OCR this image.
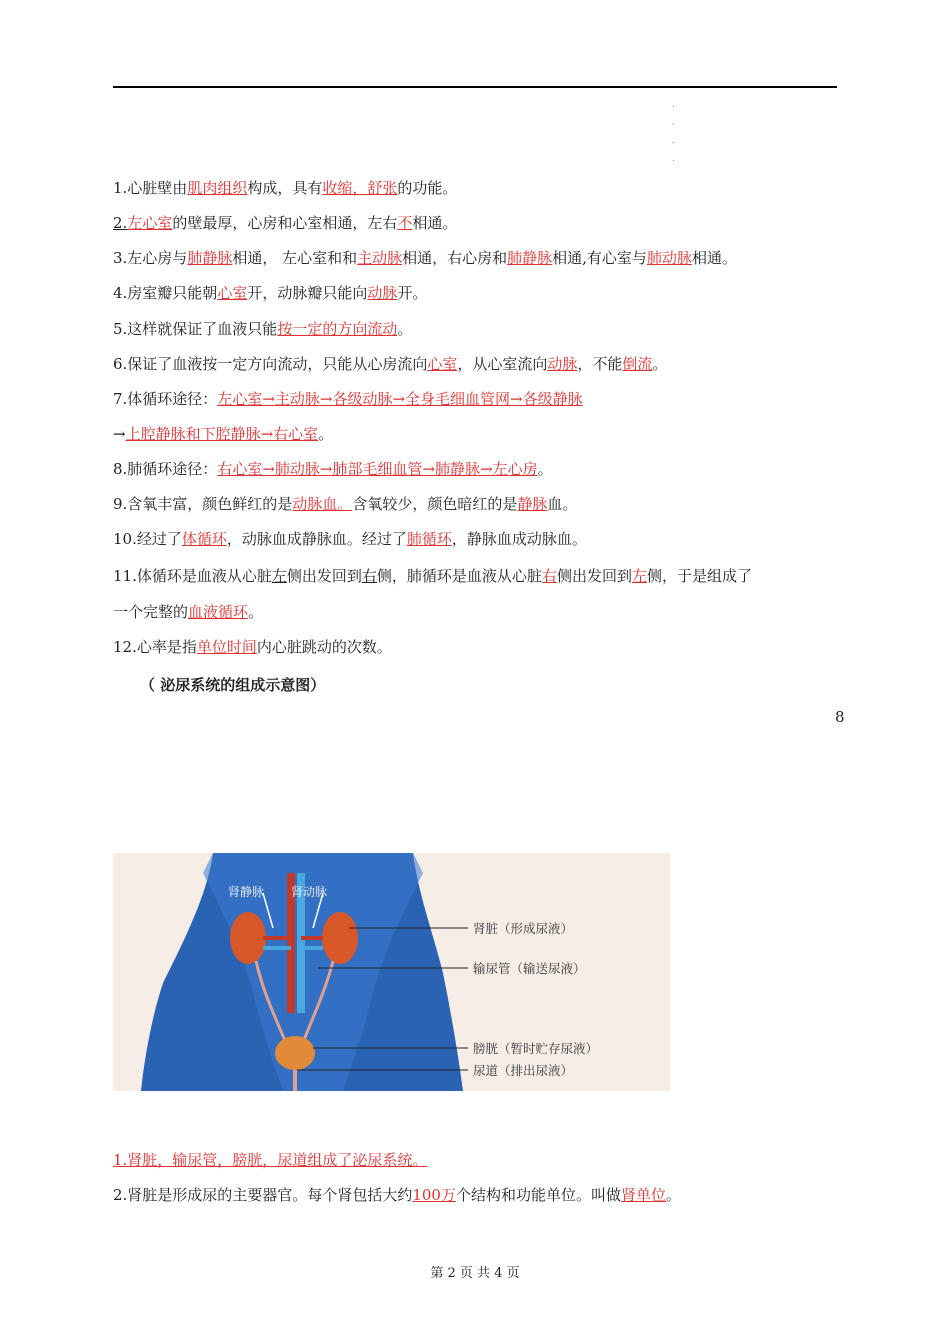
.
.
.
.
1.心脏壁由肌肉组织构成，具有收缩，舒张的功能。
2.左心室的壁最厚，心房和心室相通，左右不相通。
3.左心房与肺静脉相通， 左心室和和主动脉相通，右心房和肺静脉相通,有心室与肺动脉相通。
4.房室瓣只能朝心室开，动脉瓣只能向动脉开。
5.这样就保证了血液只能按一定的方向流动。
6.保证了血液按一定方向流动，只能从心房流向心室，从心室流向动脉，不能倒流。
7.体循环途径：左心室→主动脉→各级动脉→全身毛细血管网→各级静脉
→上腔静脉和下腔静脉→右心室。
8.肺循环途径：右心室→肺动脉→肺部毛细血管→肺静脉→左心房。
9.含氧丰富，颜色鲜红的是动脉血。含氧较少，颜色暗红的是静脉血。
10.经过了体循环，动脉血成静脉血。经过了肺循环，静脉血成动脉血。
11.体循环是血液从心脏左侧出发回到右侧，肺循环是血液从心脏右侧出发回到左侧，于是组成了
一个完整的血液循环。
12.心率是指单位时间内心脏跳动的次数。
1.肾脏，输尿管，膀胱，尿道组成了泌尿系统。
2.肾脏是形成尿的主要器官。每个肾包括大约100万个结构和功能单位。叫做肾单位。
（ 泌尿系统的组成示意图）
8
肾静脉 肾动脉
肾脏（形成尿液）
输尿管（输送尿液）
膀胱（暂时贮存尿液）
尿道（排出尿液）
第 2 页 共 4 页
